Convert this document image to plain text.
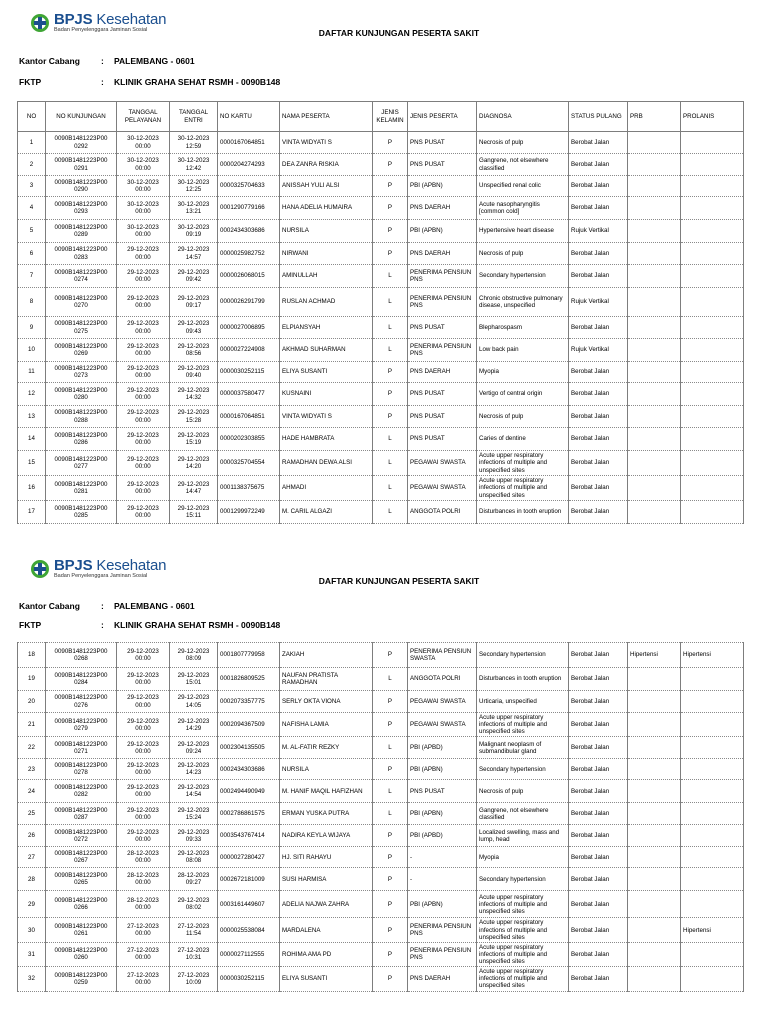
BPJS Kesehatan
Badan Penyelenggara Jaminan Sosial	DAFTAR KUNJUNGAN PESERTA SAKIT
Kantor Cabang : PALEMBANG - 0601
FKTP	: KLINIK GRAHA SEHAT RSMH - 0090B148
NO	NO KUNJUNGAN	TANGGAL PELAYANAN	TANGGAL ENTRI	NO KARTU	NAMA PESERTA	JENIS KELAMIN	JENIS PESERTA	DIAGNOSA	STATUS PULANG	PRB	PROLANIS
1	0090B1481223P00 0292	30-12-2023 00:00	30-12-2023 12:59	0000167064851	VINTA WIDYATI S	P	PNS PUSAT	Necrosis of pulp	Berobat Jalan		
2	0090B1481223P00 0291	30-12-2023 00:00	30-12-2023 12:42	0000204274293	DEA ZANRA RISKIA	P	PNS PUSAT	Gangrene, not elsewhere classified	Berobat Jalan		
3	0090B1481223P00 0290	30-12-2023 00:00	30-12-2023 12:25	0000325704633	ANISSAH YULI ALSI	P	PBI (APBN)	Unspecified renal colic	Berobat Jalan		
4	0090B1481223P00 0293	30-12-2023 00:00	30-12-2023 13:21	0001290779166	HANA ADELIA HUMAIRA	P	PNS DAERAH	Acute nasopharyngitis [common cold]	Berobat Jalan		
5	0090B1481223P00 0289	30-12-2023 00:00	30-12-2023 09:19	0002434303686	NURSILA	P	PBI (APBN)	Hypertensive heart disease	Rujuk Vertikal		
6	0090B1481223P00 0283	29-12-2023 00:00	29-12-2023 14:57	0000025982752	NIRWANI	P	PNS DAERAH	Necrosis of pulp	Berobat Jalan		
7	0090B1481223P00 0274	29-12-2023 00:00	29-12-2023 09:42	0000026068015	AMINULLAH	L	PENERIMA PENSIUN PNS	Secondary hypertension	Berobat Jalan		
8	0090B1481223P00 0270	29-12-2023 00:00	29-12-2023 09:17	0000026291799	RUSLAN ACHMAD	L	PENERIMA PENSIUN PNS	Chronic obstructive pulmonary disease, unspecified	Rujuk Vertikal		
9	0090B1481223P00 0275	29-12-2023 00:00	29-12-2023 09:43	0000027006895	ELPIANSYAH	L	PNS PUSAT	Blepharospasm	Berobat Jalan		
10	0090B1481223P00 0269	29-12-2023 00:00	29-12-2023 08:56	0000027224908	AKHMAD SUHARMAN	L	PENERIMA PENSIUN PNS	Low back pain	Rujuk Vertikal		
11	0090B1481223P00 0273	29-12-2023 00:00	29-12-2023 09:40	0000030252115	ELIYA SUSANTI	P	PNS DAERAH	Myopia	Berobat Jalan		
12	0090B1481223P00 0280	29-12-2023 00:00	29-12-2023 14:32	0000037580477	KUSNAINI	P	PNS PUSAT	Vertigo of central origin	Berobat Jalan		
13	0090B1481223P00 0288	29-12-2023 00:00	29-12-2023 15:28	0000167064851	VINTA WIDYATI S	P	PNS PUSAT	Necrosis of pulp	Berobat Jalan		
14	0090B1481223P00 0286	29-12-2023 00:00	29-12-2023 15:19	0000202303855	HADE HAMBRATA	L	PNS PUSAT	Caries of dentine	Berobat Jalan		
15	0090B1481223P00 0277	29-12-2023 00:00	29-12-2023 14:20	0000325704554	RAMADHAN DEWA ALSI	L	PEGAWAI SWASTA	Acute upper respiratory infections of multiple and unspecified sites	Berobat Jalan		
16	0090B1481223P00 0281	29-12-2023 00:00	29-12-2023 14:47	0001138375675	AHMADI	L	PEGAWAI SWASTA	Acute upper respiratory infections of multiple and unspecified sites	Berobat Jalan		
17	0090B1481223P00 0285	29-12-2023 00:00	29-12-2023 15:11	0001299972249	M. CARIL ALGAZI	L	ANGGOTA POLRI	Disturbances in tooth eruption	Berobat Jalan		
BPJS Kesehatan
Badan Penyelenggara Jaminan Sosial	DAFTAR KUNJUNGAN PESERTA SAKIT
Kantor Cabang : PALEMBANG - 0601
FKTP	: KLINIK GRAHA SEHAT RSMH - 0090B148
18	0090B1481223P00 0268	29-12-2023 00:00	29-12-2023 08:09	0001807779958	ZAKIAH	P	PENERIMA PENSIUN SWASTA	Secondary hypertension	Berobat Jalan	Hipertensi	Hipertensi
19	0090B1481223P00 0284	29-12-2023 00:00	29-12-2023 15:01	0001826809525	NAUFAN PRATISTA RAMADHAN	L	ANGGOTA POLRI	Disturbances in tooth eruption	Berobat Jalan		
20	0090B1481223P00 0276	29-12-2023 00:00	29-12-2023 14:05	0002073357775	SERLY OKTA VIONA	P	PEGAWAI SWASTA	Urticaria, unspecified	Berobat Jalan		
21	0090B1481223P00 0279	29-12-2023 00:00	29-12-2023 14:29	0002094367509	NAFISHA LAMIA	P	PEGAWAI SWASTA	Acute upper respiratory infections of multiple and unspecified sites	Berobat Jalan		
22	0090B1481223P00 0271	29-12-2023 00:00	29-12-2023 09:24	0002304135505	M. AL-FATIR REZKY	L	PBI (APBD)	Malignant neoplasm of submandibular gland	Berobat Jalan		
23	0090B1481223P00 0278	29-12-2023 00:00	29-12-2023 14:23	0002434303686	NURSILA	P	PBI (APBN)	Secondary hypertension	Berobat Jalan		
24	0090B1481223P00 0282	29-12-2023 00:00	29-12-2023 14:54	0002494490949	M. HANIF MAQIL HAFIZHAN	L	PNS PUSAT	Necrosis of pulp	Berobat Jalan		
25	0090B1481223P00 0287	29-12-2023 00:00	29-12-2023 15:24	0002786861575	ERMAN YUSKA PUTRA	L	PBI (APBN)	Gangrene, not elsewhere classified	Berobat Jalan		
26	0090B1481223P00 0272	29-12-2023 00:00	29-12-2023 09:33	0003543767414	NADIRA KEYLA WIJAYA	P	PBI (APBD)	Localized swelling, mass and lump, head	Berobat Jalan		
27	0090B1481223P00 0267	28-12-2023 00:00	29-12-2023 08:08	0000027280427	HJ. SITI RAHAYU	P	-	Myopia	Berobat Jalan		
28	0090B1481223P00 0265	28-12-2023 00:00	28-12-2023 09:27	0002672181009	SUSI HARMISA	P	-	Secondary hypertension	Berobat Jalan		
29	0090B1481223P00 0266	28-12-2023 00:00	29-12-2023 08:02	0003161449607	ADELIA NAJWA ZAHRA	P	PBI (APBN)	Acute upper respiratory infections of multiple and unspecified sites	Berobat Jalan		
30	0090B1481223P00 0261	27-12-2023 00:00	27-12-2023 11:54	0000025538084	MARDALENA	P	PENERIMA PENSIUN PNS	Acute upper respiratory infections of multiple and unspecified sites	Berobat Jalan		Hipertensi
31	0090B1481223P00 0260	27-12-2023 00:00	27-12-2023 10:31	0000027112555	ROHIMA AMA PD	P	PENERIMA PENSIUN PNS	Acute upper respiratory infections of multiple and unspecified sites	Berobat Jalan		
32	0090B1481223P00 0259	27-12-2023 00:00	27-12-2023 10:09	0000030252115	ELIYA SUSANTI	P	PNS DAERAH	Acute upper respiratory infections of multiple and unspecified sites	Berobat Jalan		
